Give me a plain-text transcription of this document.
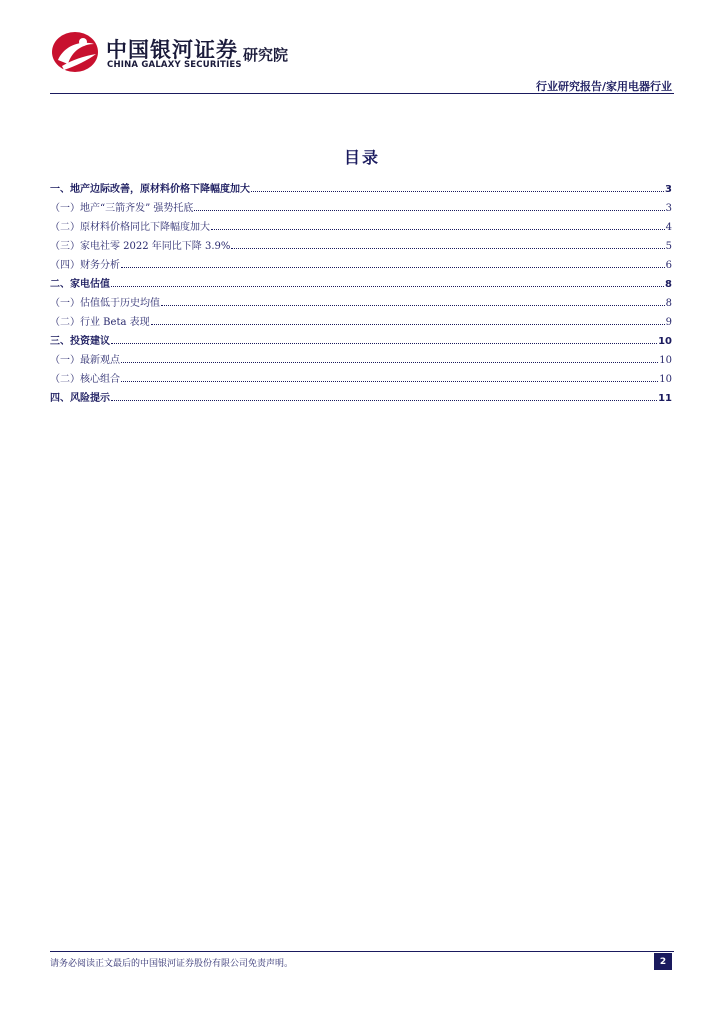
中国银河证券
CHINA GALAXY SECURITIES
研究院
行业研究报告/家用电器行业
目录
一、地产边际改善，原材料价格下降幅度加大	3
（一）地产“三箭齐发” 强势托底	3
（二）原材料价格同比下降幅度加大	4
（三）家电社零 2022 年同比下降 3.9%	5
（四）财务分析	6
二、家电估值	8
（一）估值低于历史均值	8
（二）行业 Beta 表现	9
三、投资建议	10
（一）最新观点	10
（二）核心组合	10
四、风险提示	11
请务必阅读正文最后的中国银河证券股份有限公司免责声明。	2
